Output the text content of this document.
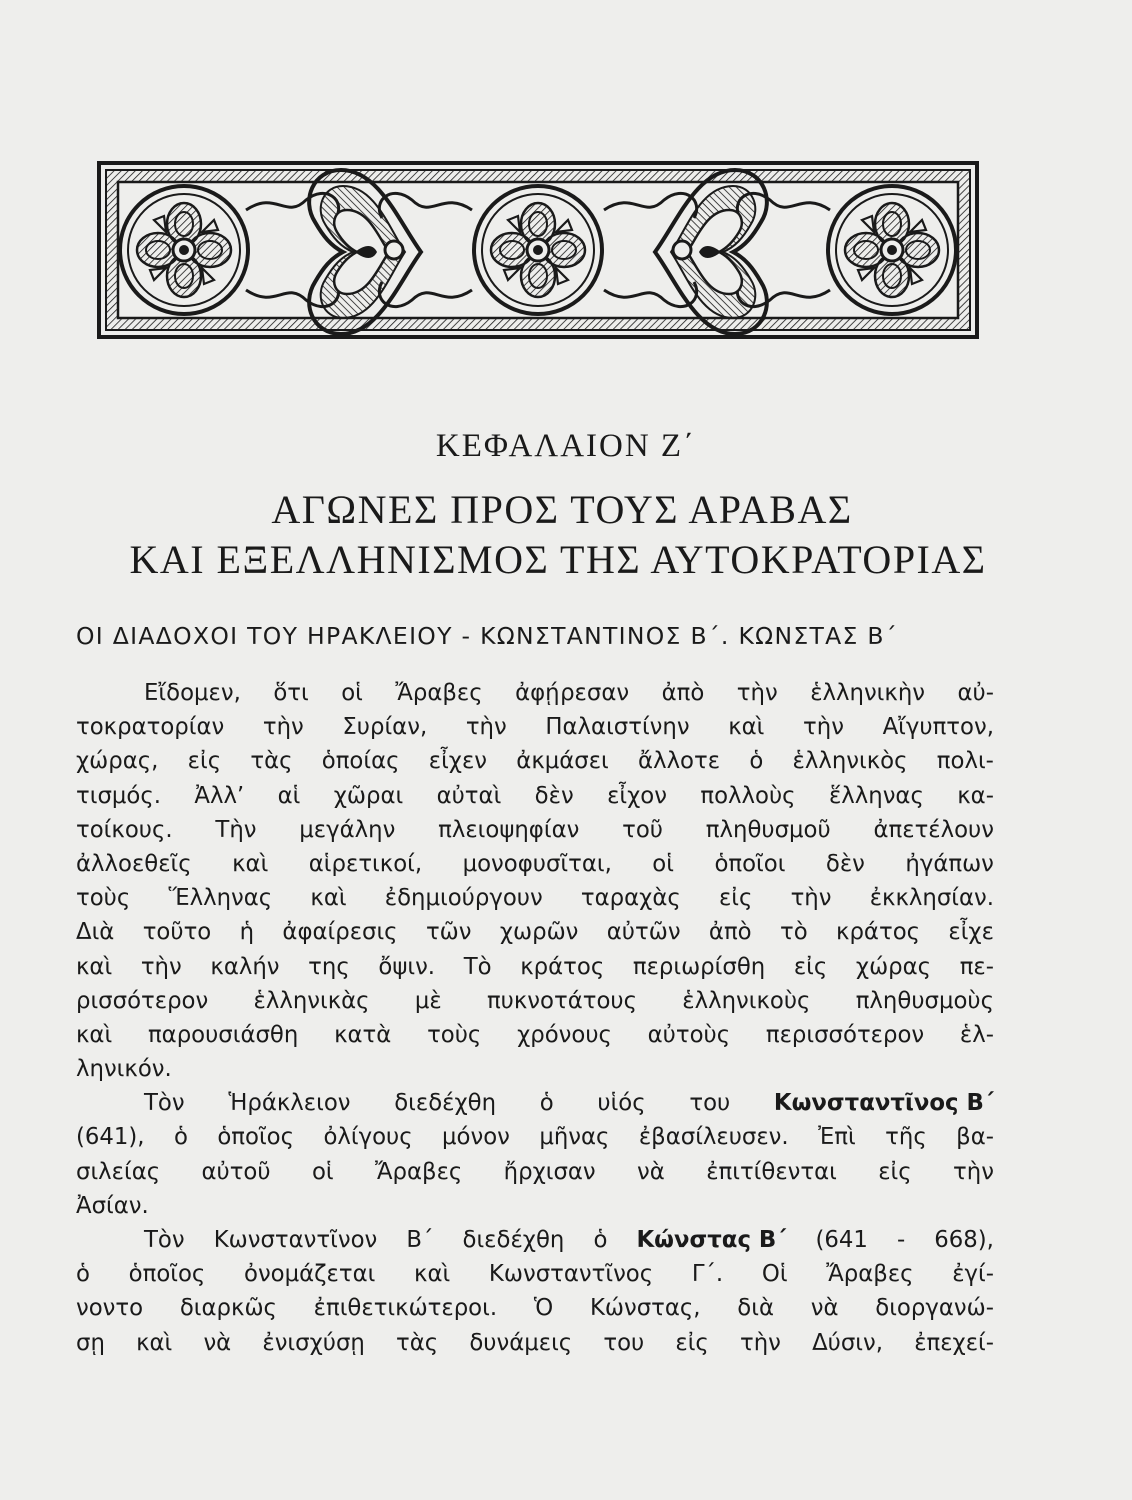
ΚΕΦΑΛΑΙΟΝ Ζ΄
ΑΓΩΝΕΣ ΠΡΟΣ ΤΟΥΣ ΑΡΑΒΑΣ
ΚΑΙ ΕΞΕΛΛΗΝΙΣΜΟΣ ΤΗΣ ΑΥΤΟΚΡΑΤΟΡΙΑΣ
ΟΙ ΔΙΑΔΟΧΟΙ ΤΟΥ ΗΡΑΚΛΕΙΟΥ - ΚΩΝΣΤΑΝΤΙΝΟΣ Β΄. ΚΩΝΣΤΑΣ Β΄
Εἴδομεν, ὅτι οἱ Ἄραβες ἀφῄρεσαν ἀπὸ τὴν ἑλληνικὴν αὐ-
τοκρατορίαν τὴν Συρίαν, τὴν Παλαιστίνην καὶ τὴν Αἴγυπτον,
χώρας, εἰς τὰς ὁποίας εἶχεν ἀκμάσει ἄλλοτε ὁ ἑλληνικὸς πολι-
τισμός. Ἀλλ’ αἱ χῶραι αὐταὶ δὲν εἶχον πολλοὺς ἕλληνας κα-
τοίκους. Τὴν μεγάλην πλειοψηφίαν τοῦ πληθυσμοῦ ἀπετέλουν
ἀλλοεθεῖς καὶ αἱρετικοί, μονοφυσῖται, οἱ ὁποῖοι δὲν ἠγάπων
τοὺς Ἕλληνας καὶ ἐδημιούργουν ταραχὰς εἰς τὴν ἐκκλησίαν.
Διὰ τοῦτο ἡ ἀφαίρεσις τῶν χωρῶν αὐτῶν ἀπὸ τὸ κράτος εἶχε
καὶ τὴν καλήν της ὄψιν. Τὸ κράτος περιωρίσθη εἰς χώρας πε-
ρισσότερον ἑλληνικὰς μὲ πυκνοτάτους ἑλληνικοὺς πληθυσμοὺς
καὶ παρουσιάσθη κατὰ τοὺς χρόνους αὐτοὺς περισσότερον ἑλ-
ληνικόν.
Τὸν Ἡράκλειον διεδέχθη ὁ υἱός του Κωνσταντῖνος Β΄
(641), ὁ ὁποῖος ὀλίγους μόνον μῆνας ἐβασίλευσεν. Ἐπὶ τῆς βα-
σιλείας αὐτοῦ οἱ Ἄραβες ἤρχισαν νὰ ἐπιτίθενται εἰς τὴν
Ἀσίαν.
Τὸν Κωνσταντῖνον Β΄ διεδέχθη ὁ Κώνστας Β΄ (641 - 668),
ὁ ὁποῖος ὀνομάζεται καὶ Κωνσταντῖνος Γ΄. Οἱ Ἄραβες ἐγί-
νοντο διαρκῶς ἐπιθετικώτεροι. Ὁ Κώνστας, διὰ νὰ διοργανώ-
σῃ καὶ νὰ ἐνισχύσῃ τὰς δυνάμεις του εἰς τὴν Δύσιν, ἐπεχεί-
